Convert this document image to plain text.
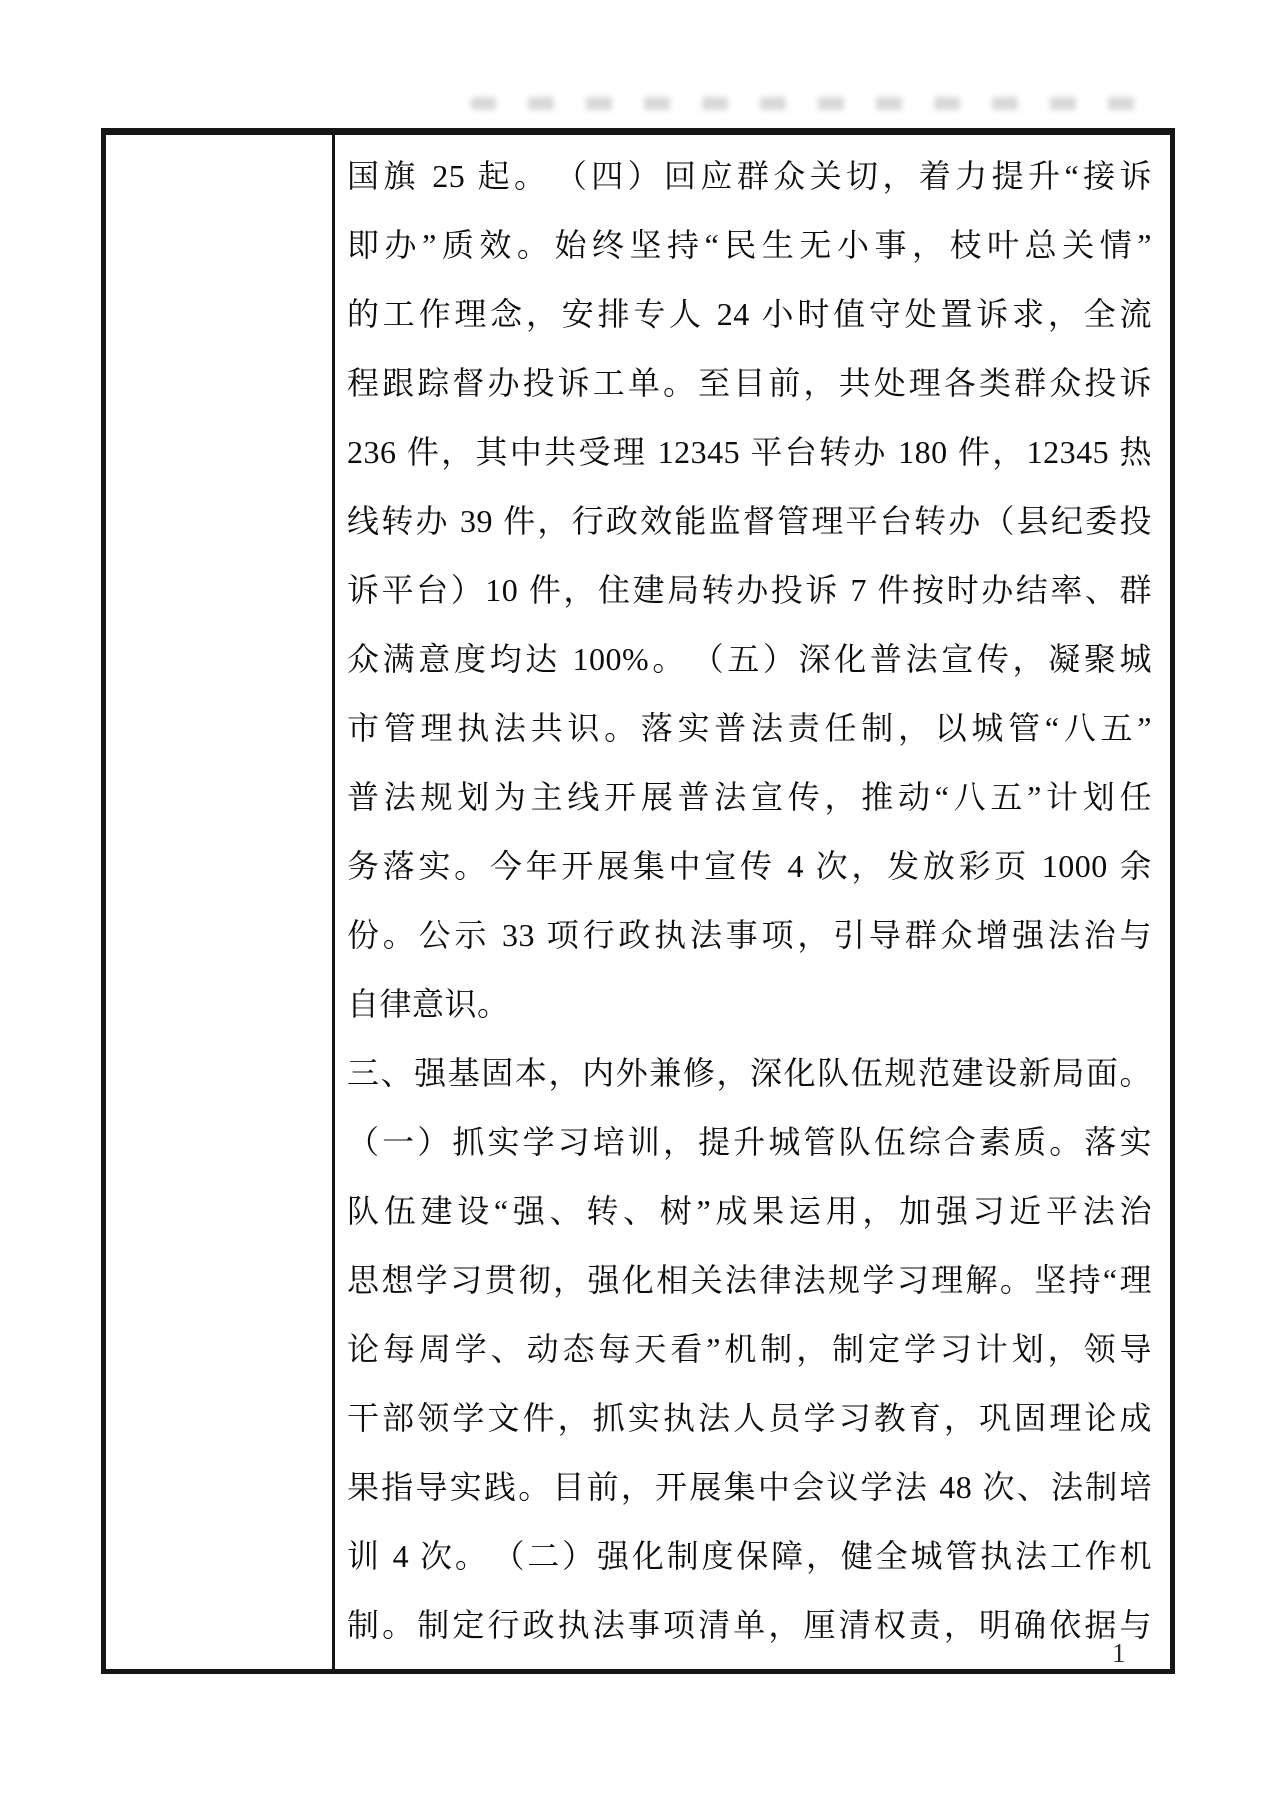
国旗 25 起。　（四）回应群众关切，着力提升“接诉
即办”质效。始终坚持“民生无小事，枝叶总关情”
的工作理念，安排专人 24 小时值守处置诉求，全流
程跟踪督办投诉工单。至目前，共处理各类群众投诉
236 件，其中共受理 12345 平台转办 180 件，12345 热
线转办 39 件，行政效能监督管理平台转办（县纪委投
诉平台）10 件，住建局转办投诉 7 件按时办结率、群
众满意度均达 100%。　（五）深化普法宣传，凝聚城
市管理执法共识。落实普法责任制，以城管“八五”
普法规划为主线开展普法宣传，推动“八五”计划任
务落实。今年开展集中宣传 4 次，发放彩页 1000 余
份。公示 33 项行政执法事项，引导群众增强法治与
自律意识。
三、强基固本，内外兼修，深化队伍规范建设新局面。
（一）抓实学习培训，提升城管队伍综合素质。落实
队伍建设“强、转、树”成果运用，加强习近平法治
思想学习贯彻，强化相关法律法规学习理解。坚持“理
论每周学、动态每天看”机制，制定学习计划，领导
干部领学文件，抓实执法人员学习教育，巩固理论成
果指导实践。目前，开展集中会议学法 48 次、法制培
训 4 次。　（二）强化制度保障，健全城管执法工作机
制。制定行政执法事项清单，厘清权责，明确依据与
1
